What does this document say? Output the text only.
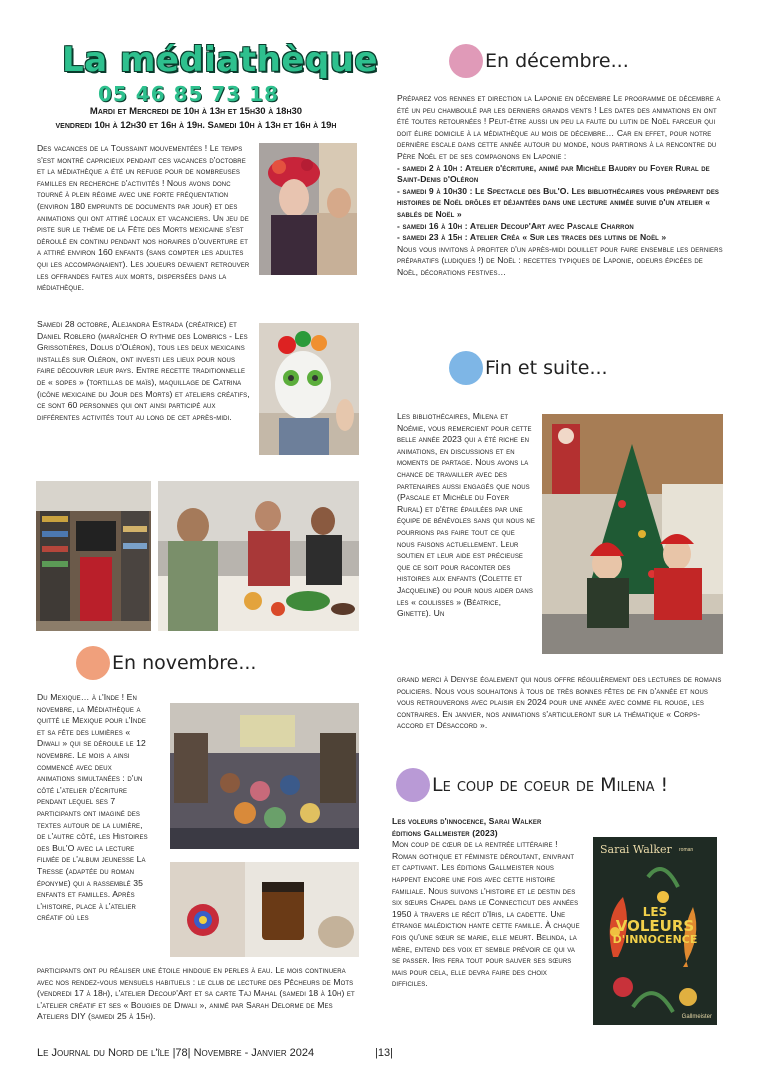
La médiathèque
05 46 85 73 18
Mardi et Mercredi de 10h à 13h et 15h30 à 18h30
vendredi 10h à 12h30 et 16h à 19h. Samedi 10h à 13h et 16h à 19h
Des vacances de la Toussaint mouvementées ! Le temps s'est montré capricieux pendant ces vacances d'octobre et la médiathèque a été un refuge pour de nombreuses familles en recherche d'activités ! Nous avons donc tourné à plein régime avec une forte fréquentation (environ 180 emprunts de documents par jour) et des animations qui ont attiré locaux et vacanciers. Un jeu de piste sur le thème de la Fête des Morts mexicaine s'est déroulé en continu pendant nos horaires d'ouverture et a attiré environ 160 enfants (sans compter les adultes qui les accompagnaient). Les joueurs devaient retrouver les offrandes faites aux morts, dispersées dans la médiathèque.
Samedi 28 octobre, Alejandra Estrada (créatrice) et Daniel Roblero (maraîcher O rythme des Lombrics - Les Grissotières, Dolus d'Oléron), tous les deux mexicains installés sur Oléron, ont investi les lieux pour nous faire découvrir leur pays. Entre recette traditionnelle de « sopes » (tortillas de maïs), maquillage de Catrina (icône mexicaine du Jour des Morts) et ateliers créatifs, ce sont 60 personnes qui ont ainsi participé aux différentes activités tout au long de cet après-midi.
En novembre...
Du Mexique… à l'Inde ! En novembre, la Médiathèque a quitté le Mexique pour l'Inde et sa fête des lumières « Diwali » qui se déroule le 12 novembre. Le mois a ainsi commencé avec deux animations simultanées : d'un côté l'atelier d'écriture pendant lequel ses 7 participants ont imaginé des textes autour de la lumière, de l'autre côté, les Histoires des Bul'O avec la lecture filmée de l'album jeunesse La Tresse (adaptée du roman éponyme) qui a rassemblé 35 enfants et familles. Après l'histoire, place à l'atelier créatif où les
participants ont pu réaliser une étoile hindoue en perles à eau. Le mois continuera avec nos rendez-vous mensuels habituels : le club de lecture des Pêcheurs de Mots (vendredi 17 à 18h), l'atelier Decoup'Art et sa carte Taj Mahal (samedi 18 à 10h) et l'atelier créatif et ses « Bougies de Diwali », animé par Sarah Delorme de Mes Ateliers DIY (samedi 25 à 15h).
En décembre...

Préparez vos rennes et direction la Laponie en décembre Le programme de décembre a été un peu chamboulé par les derniers grands vents ! Les dates des animations en ont été toutes retournées ! Peut-être aussi un peu la faute du lutin de Noël farceur qui doit élire domicile à la médiathèque au mois de décembre… Car en effet, pour notre dernière escale dans cette année autour du monde, nous partirons à la rencontre du Père Noël et de ses compagnons en Laponie :

- samedi 2 à 10h : Atelier d'écriture, animé par Michèle Baudry du Foyer Rural de Saint-Denis d'Oléron

- samedi 9 à 10h30 : Le Spectacle des Bul'O. Les bibliothécaires vous préparent des histoires de Noël drôles et déjantées dans une lecture animée suivie d'un atelier « sablés de Noël »

- samedi 16 à 10h : Atelier Decoup'Art avec Pascale Charron

- samedi 23 à 15h : Atelier Créa « Sur les traces des lutins de Noël »

Nous vous invitons à profiter d'un après-midi douillet pour faire ensemble les derniers préparatifs (ludiques !) de Noël : recettes typiques de Laponie, odeurs épicées de Noël, décorations festives…

Fin et suite...
Les bibliothécaires, Milena et Noémie, vous remercient pour cette belle année 2023 qui a été riche en animations, en discussions et en moments de partage. Nous avons la chance de travailler avec des partenaires aussi engagés que nous (Pascale et Michèle du Foyer Rural) et d'être épaulées par une équipe de bénévoles sans qui nous ne pourrions pas faire tout ce que nous faisons actuellement. Leur soutien et leur aide est précieuse que ce soit pour raconter des histoires aux enfants (Colette et Jacqueline) ou pour nous aider dans les « coulisses » (Béatrice, Ginette). Un
grand merci à Denyse également qui nous offre régulièrement des lectures de romans policiers. Nous vous souhaitons à tous de très bonnes fêtes de fin d'année et nous vous retrouverons avec plaisir en 2024 pour une année avec comme fil rouge, les contraires. En janvier, nos animations s'articuleront sur la thématique « Corps-accord et Désaccord ».
Le coup de coeur de Milena !

Les voleurs d'innocence, Sarai Walker

éditions Gallmeister (2023)

Mon coup de cœur de la rentrée littéraire ! Roman gothique et féministe déroutant, enivrant et captivant. Les éditions Gallmeister nous happent encore une fois avec cette histoire familiale. Nous suivons l'histoire et le destin des six sœurs Chapel dans le Connecticut des années 1950 à travers le récit d'Iris, la cadette. Une étrange malédiction hante cette famille. À chaque fois qu'une sœur se marie, elle meurt. Belinda, la mère, entend des voix et semble prévoir ce qui va se passer. Iris fera tout pour sauver ses sœurs mais pour cela, elle devra faire des choix difficiles.

Sarai Walker roman
LES
VOLEURS
D'INNOCENCE
Gallmeister
Le Journal du Nord de l'île |78| Novembre - Janvier 2024	|13|
